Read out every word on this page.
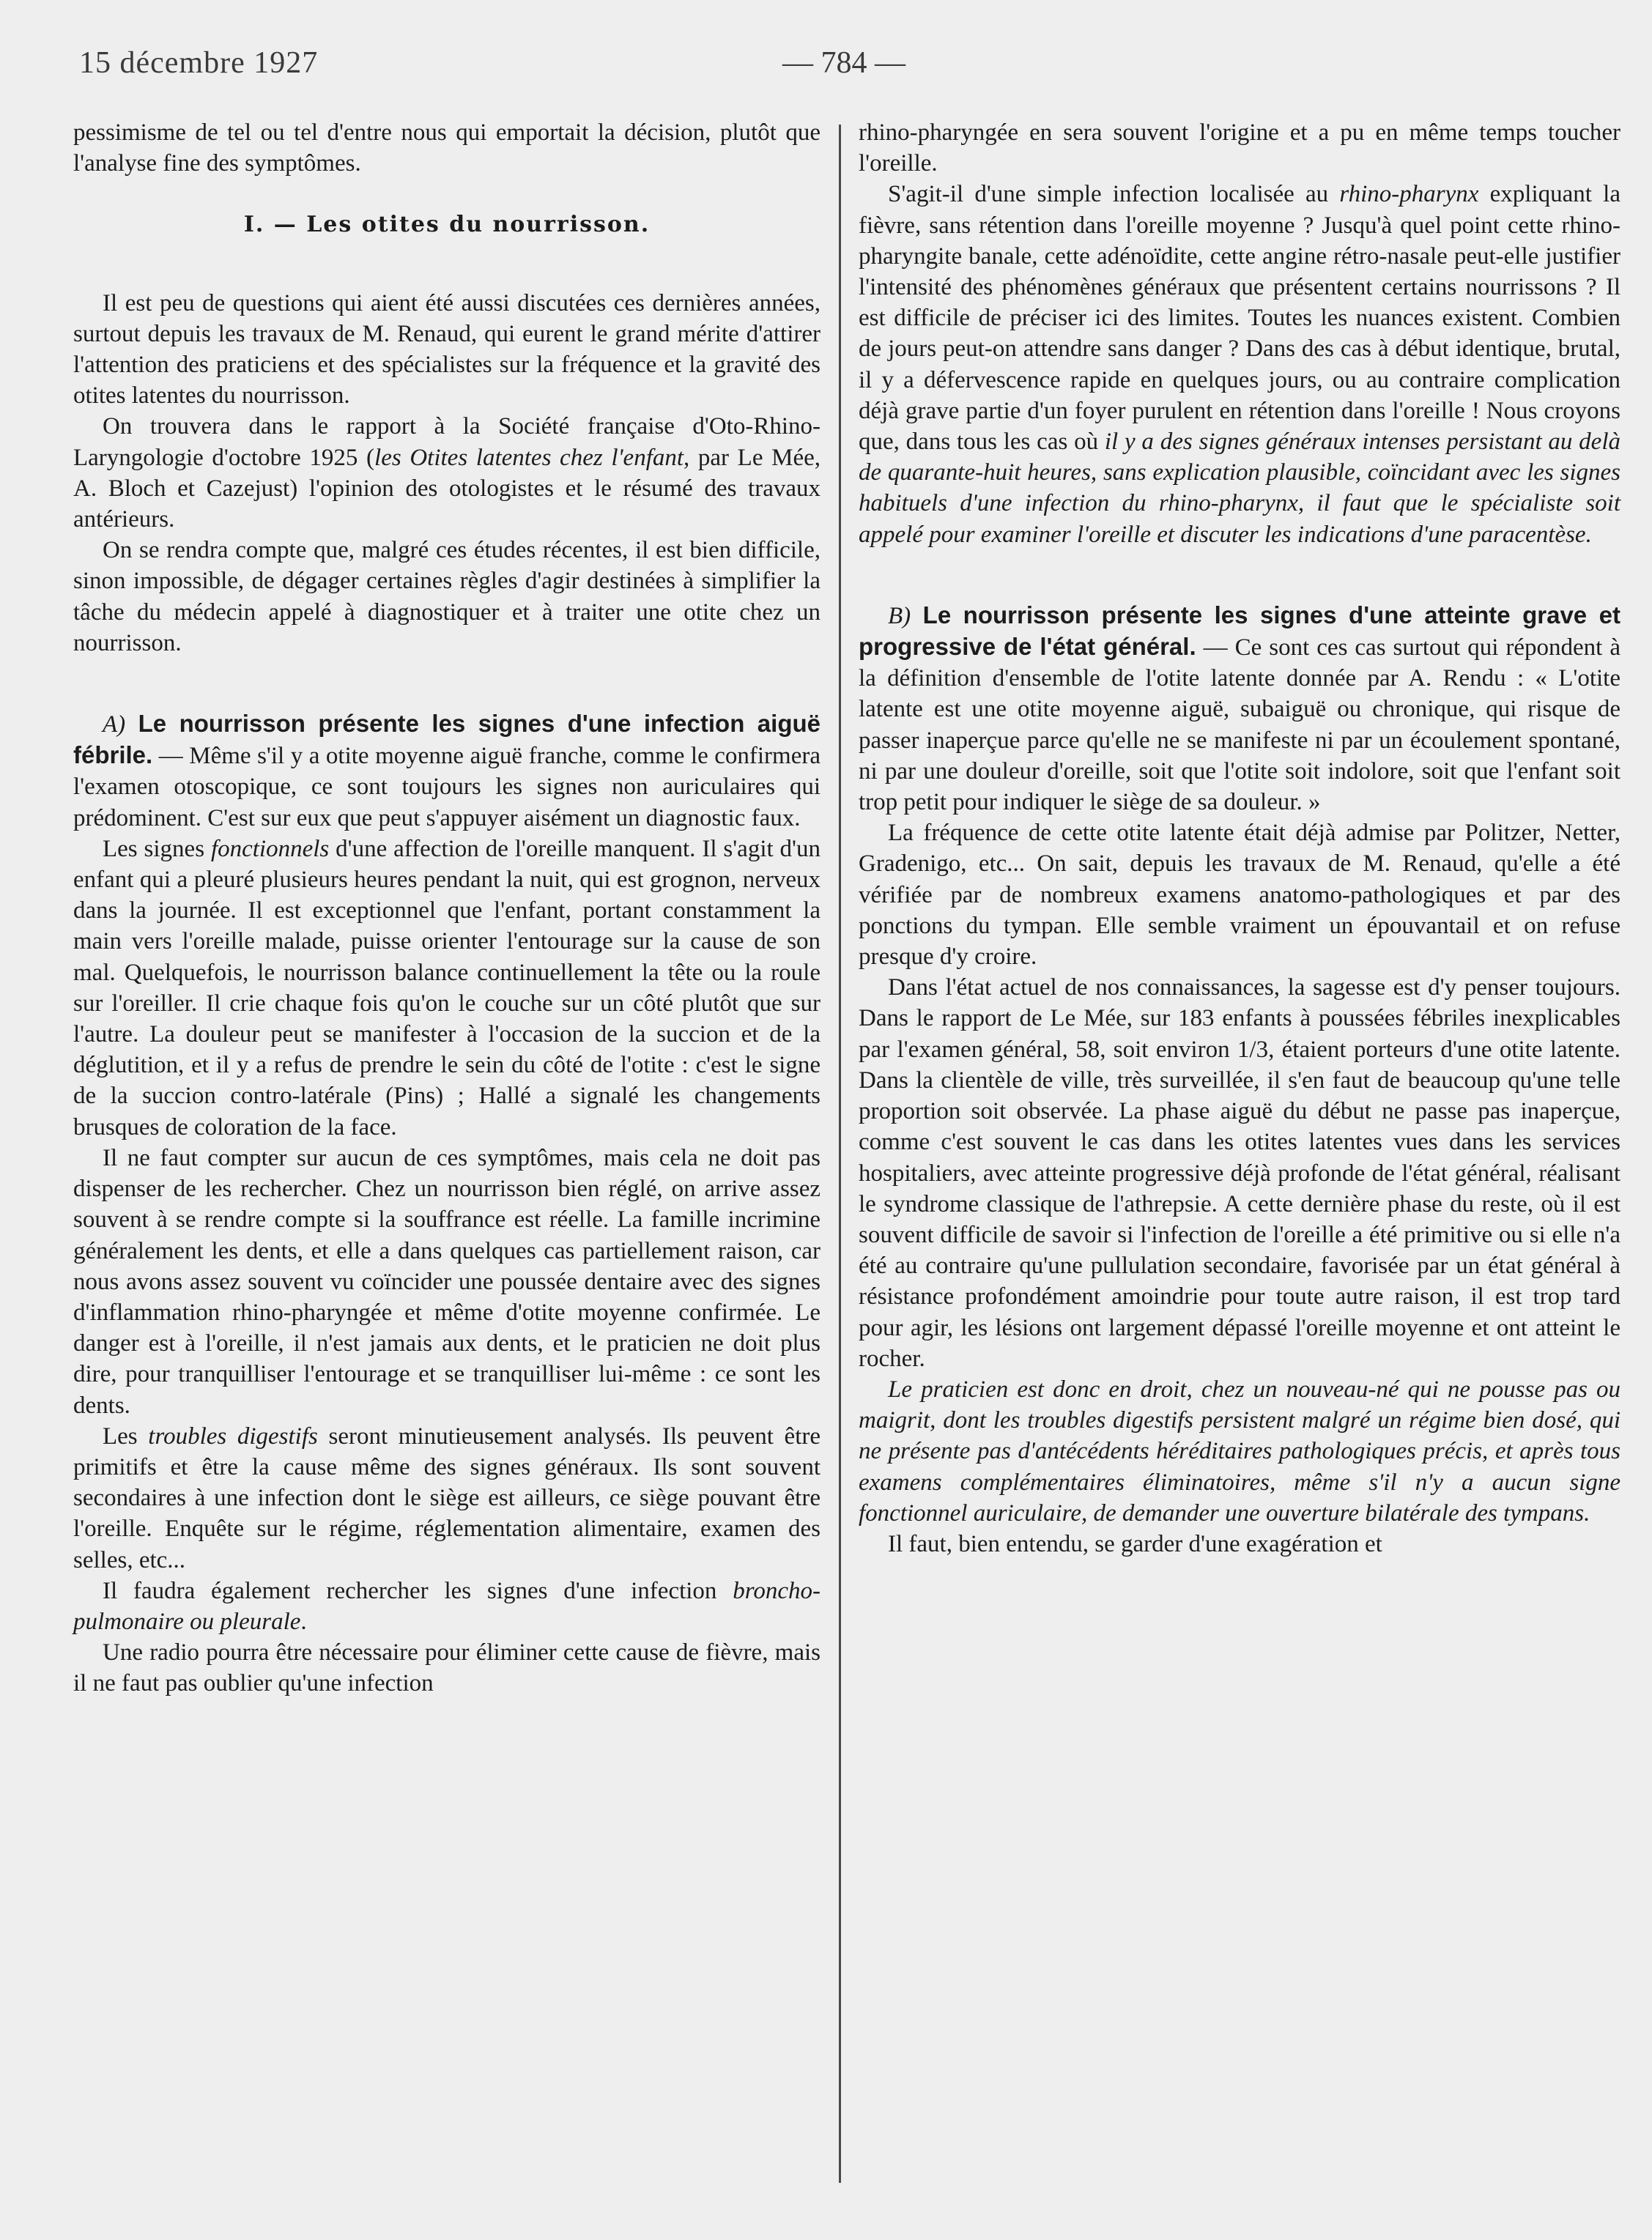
15 décembre 1927	— 784 —

pessimisme de tel ou tel d'entre nous qui emportait la décision, plutôt que l'analyse fine des symptômes.

I. — Les otites du nourrisson.

Il est peu de questions qui aient été aussi discutées ces dernières années, surtout depuis les travaux de M. Renaud, qui eurent le grand mérite d'attirer l'attention des praticiens et des spécialistes sur la fréquence et la gravité des otites latentes du nourrisson.

On trouvera dans le rapport à la Société française d'Oto-Rhino-Laryngologie d'octobre 1925 (les Otites latentes chez l'enfant, par Le Mée, A. Bloch et Cazejust) l'opinion des otologistes et le résumé des travaux antérieurs.

On se rendra compte que, malgré ces études récentes, il est bien difficile, sinon impossible, de dégager certaines règles d'agir destinées à simplifier la tâche du médecin appelé à diagnostiquer et à traiter une otite chez un nourrisson.

A) Le nourrisson présente les signes d'une infection aiguë fébrile. — Même s'il y a otite moyenne aiguë franche, comme le confirmera l'examen otoscopique, ce sont toujours les signes non auriculaires qui prédominent. C'est sur eux que peut s'appuyer aisément un diagnostic faux.

Les signes fonctionnels d'une affection de l'oreille manquent. Il s'agit d'un enfant qui a pleuré plusieurs heures pendant la nuit, qui est grognon, nerveux dans la journée. Il est exceptionnel que l'enfant, portant constamment la main vers l'oreille malade, puisse orienter l'entourage sur la cause de son mal. Quelquefois, le nourrisson balance continuellement la tête ou la roule sur l'oreiller. Il crie chaque fois qu'on le couche sur un côté plutôt que sur l'autre. La douleur peut se manifester à l'occasion de la succion et de la déglutition, et il y a refus de prendre le sein du côté de l'otite : c'est le signe de la succion contro-latérale (Pins) ; Hallé a signalé les changements brusques de coloration de la face.

Il ne faut compter sur aucun de ces symptômes, mais cela ne doit pas dispenser de les rechercher. Chez un nourrisson bien réglé, on arrive assez souvent à se rendre compte si la souffrance est réelle. La famille incrimine généralement les dents, et elle a dans quelques cas partiellement raison, car nous avons assez souvent vu coïncider une poussée dentaire avec des signes d'inflammation rhino-pharyngée et même d'otite moyenne confirmée. Le danger est à l'oreille, il n'est jamais aux dents, et le praticien ne doit plus dire, pour tranquilliser l'entourage et se tranquilliser lui-même : ce sont les dents.

Les troubles digestifs seront minutieusement analysés. Ils peuvent être primitifs et être la cause même des signes généraux. Ils sont souvent secondaires à une infection dont le siège est ailleurs, ce siège pouvant être l'oreille. Enquête sur le régime, réglementation alimentaire, examen des selles, etc...

Il faudra également rechercher les signes d'une infection broncho-pulmonaire ou pleurale.

Une radio pourra être nécessaire pour éliminer cette cause de fièvre, mais il ne faut pas oublier qu'une infection

rhino-pharyngée en sera souvent l'origine et a pu en même temps toucher l'oreille.

S'agit-il d'une simple infection localisée au rhino-pharynx expliquant la fièvre, sans rétention dans l'oreille moyenne ? Jusqu'à quel point cette rhino-pharyngite banale, cette adénoïdite, cette angine rétro-nasale peut-elle justifier l'intensité des phénomènes généraux que présentent certains nourrissons ? Il est difficile de préciser ici des limites. Toutes les nuances existent. Combien de jours peut-on attendre sans danger ? Dans des cas à début identique, brutal, il y a défervescence rapide en quelques jours, ou au contraire complication déjà grave partie d'un foyer purulent en rétention dans l'oreille ! Nous croyons que, dans tous les cas où il y a des signes généraux intenses persistant au delà de quarante-huit heures, sans explication plausible, coïncidant avec les signes habituels d'une infection du rhino-pharynx, il faut que le spécialiste soit appelé pour examiner l'oreille et discuter les indications d'une paracentèse.

B) Le nourrisson présente les signes d'une atteinte grave et progressive de l'état général. — Ce sont ces cas surtout qui répondent à la définition d'ensemble de l'otite latente donnée par A. Rendu : « L'otite latente est une otite moyenne aiguë, subaiguë ou chronique, qui risque de passer inaperçue parce qu'elle ne se manifeste ni par un écoulement spontané, ni par une douleur d'oreille, soit que l'otite soit indolore, soit que l'enfant soit trop petit pour indiquer le siège de sa douleur. »

La fréquence de cette otite latente était déjà admise par Politzer, Netter, Gradenigo, etc... On sait, depuis les travaux de M. Renaud, qu'elle a été vérifiée par de nombreux examens anatomo-pathologiques et par des ponctions du tympan. Elle semble vraiment un épouvantail et on refuse presque d'y croire.

Dans l'état actuel de nos connaissances, la sagesse est d'y penser toujours. Dans le rapport de Le Mée, sur 183 enfants à poussées fébriles inexplicables par l'examen général, 58, soit environ 1/3, étaient porteurs d'une otite latente. Dans la clientèle de ville, très surveillée, il s'en faut de beaucoup qu'une telle proportion soit observée. La phase aiguë du début ne passe pas inaperçue, comme c'est souvent le cas dans les otites latentes vues dans les services hospitaliers, avec atteinte progressive déjà profonde de l'état général, réalisant le syndrome classique de l'athrepsie. A cette dernière phase du reste, où il est souvent difficile de savoir si l'infection de l'oreille a été primitive ou si elle n'a été au contraire qu'une pullulation secondaire, favorisée par un état général à résistance profondément amoindrie pour toute autre raison, il est trop tard pour agir, les lésions ont largement dépassé l'oreille moyenne et ont atteint le rocher.

Le praticien est donc en droit, chez un nouveau-né qui ne pousse pas ou maigrit, dont les troubles digestifs persistent malgré un régime bien dosé, qui ne présente pas d'antécédents héréditaires pathologiques précis, et après tous examens complémentaires éliminatoires, même s'il n'y a aucun signe fonctionnel auriculaire, de demander une ouverture bilatérale des tympans.

Il faut, bien entendu, se garder d'une exagération et
